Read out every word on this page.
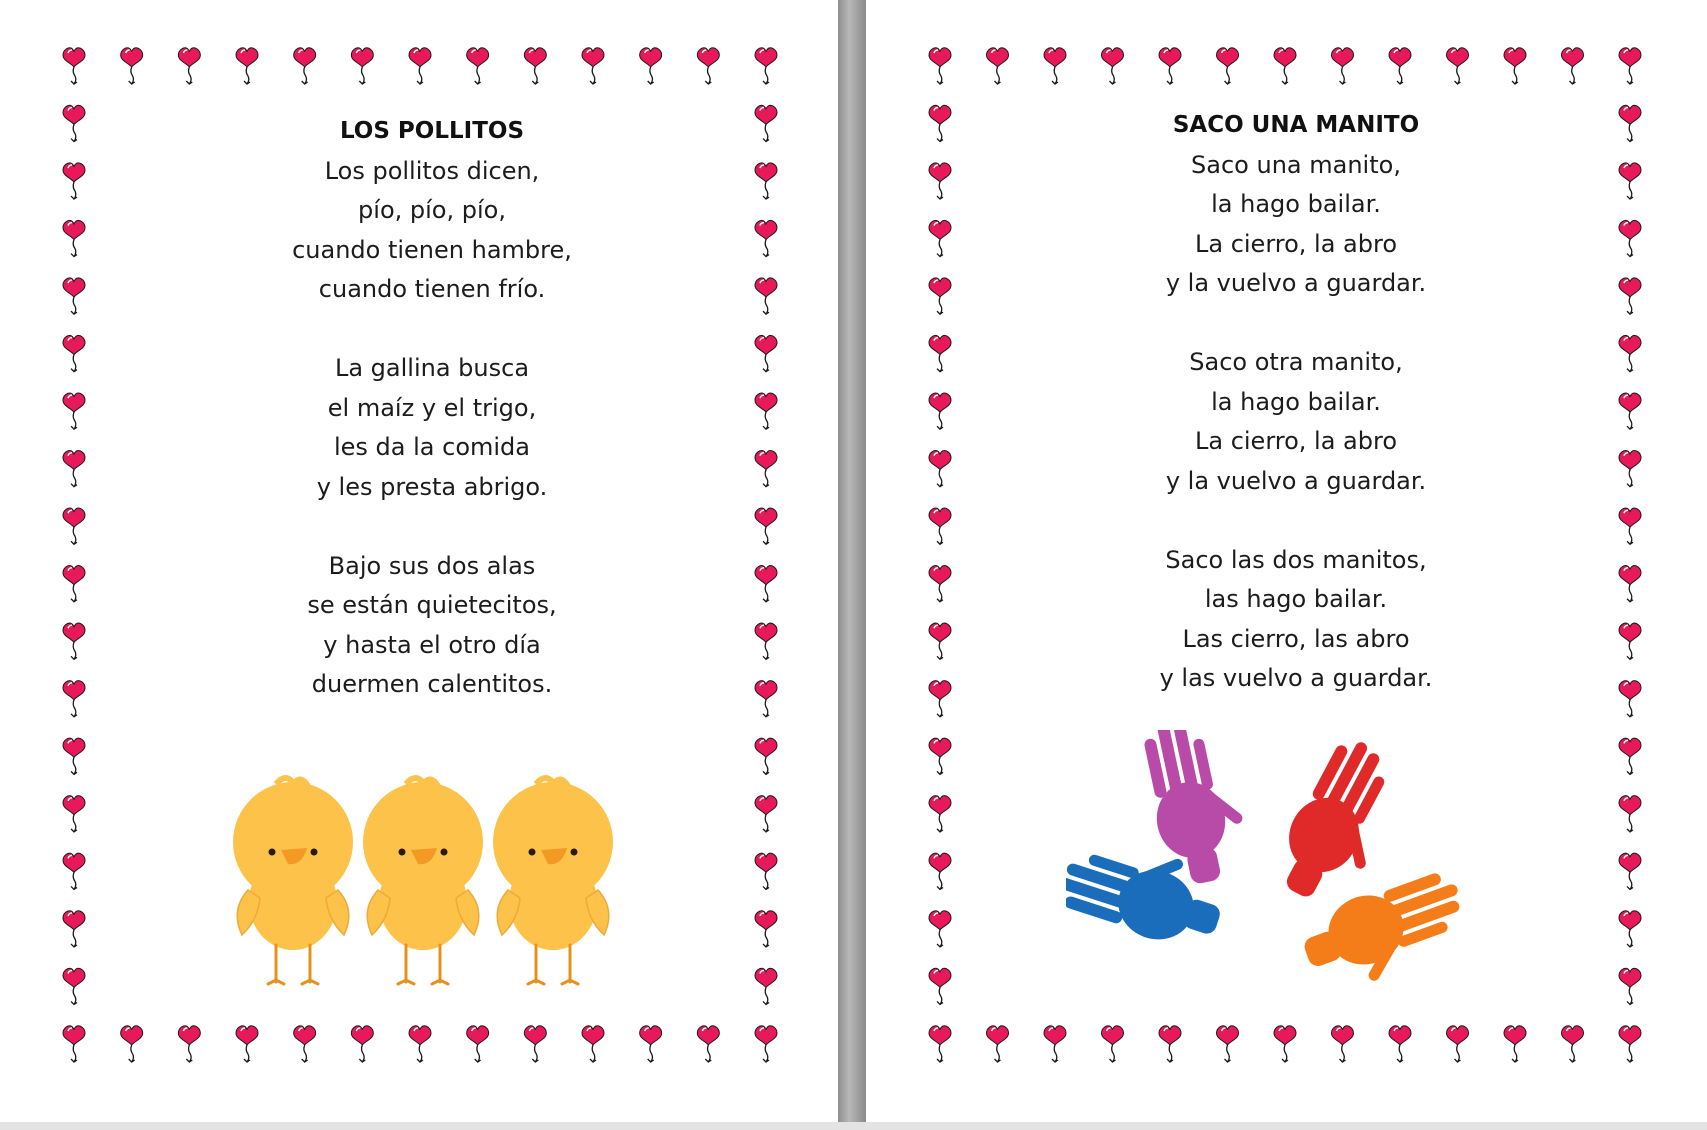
LOS POLLITOS
Los pollitos dicen,
pío, pío, pío,
cuando tienen hambre,
cuando tienen frío.
La gallina busca
el maíz y el trigo,
les da la comida
y les presta abrigo.
Bajo sus dos alas
se están quietecitos,
y hasta el otro día
duermen calentitos.
SACO UNA MANITO
Saco una manito,
la hago bailar.
La cierro, la abro
y la vuelvo a guardar.
Saco otra manito,
la hago bailar.
La cierro, la abro
y la vuelvo a guardar.
Saco las dos manitos,
las hago bailar.
Las cierro, las abro
y las vuelvo a guardar.
